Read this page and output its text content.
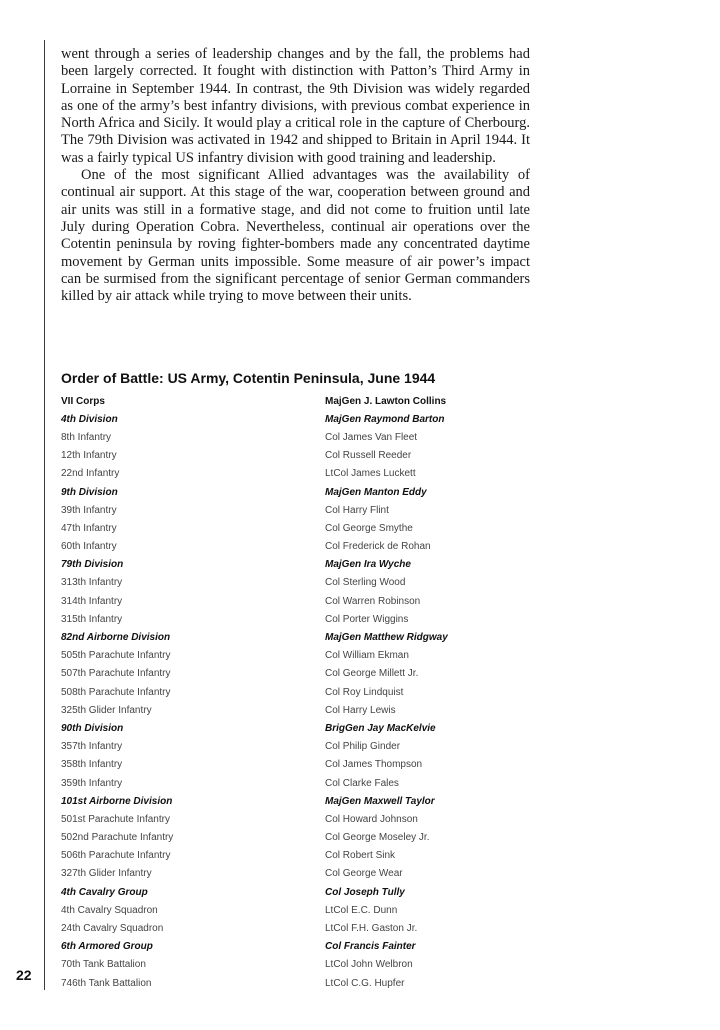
22

went through a series of leadership changes and by the fall, the problems had been largely corrected. It fought with distinction with Patton’s Third Army in Lorraine in September 1944. In contrast, the 9th Division was widely regarded as one of the army’s best infantry divisions, with previous combat experience in North Africa and Sicily. It would play a critical role in the capture of Cherbourg. The 79th Division was activated in 1942 and shipped to Britain in April 1944. It was a fairly typical US infantry division with good training and leadership.

One of the most significant Allied advantages was the availability of continual air support. At this stage of the war, cooperation between ground and air units was still in a formative stage, and did not come to fruition until late July during Operation Cobra. Nevertheless, continual air operations over the Cotentin peninsula by roving fighter-bombers made any concentrated daytime movement by German units impossible. Some measure of air power’s impact can be surmised from the significant percentage of senior German commanders killed by air attack while trying to move between their units.

Order of Battle: US Army, Cotentin Peninsula, June 1944
VII Corps	MajGen J. Lawton Collins
4th Division	MajGen Raymond Barton
8th Infantry	Col James Van Fleet
12th Infantry	Col Russell Reeder
22nd Infantry	LtCol James Luckett
9th Division	MajGen Manton Eddy
39th Infantry	Col Harry Flint
47th Infantry	Col George Smythe
60th Infantry	Col Frederick de Rohan
79th Division	MajGen Ira Wyche
313th Infantry	Col Sterling Wood
314th Infantry	Col Warren Robinson
315th Infantry	Col Porter Wiggins
82nd Airborne Division	MajGen Matthew Ridgway
505th Parachute Infantry	Col William Ekman
507th Parachute Infantry	Col George Millett Jr.
508th Parachute Infantry	Col Roy Lindquist
325th Glider Infantry	Col Harry Lewis
90th Division	BrigGen Jay MacKelvie
357th Infantry	Col Philip Ginder
358th Infantry	Col James Thompson
359th Infantry	Col Clarke Fales
101st Airborne Division	MajGen Maxwell Taylor
501st Parachute Infantry	Col Howard Johnson
502nd Parachute Infantry	Col George Moseley Jr.
506th Parachute Infantry	Col Robert Sink
327th Glider Infantry	Col George Wear
4th Cavalry Group	Col Joseph Tully
4th Cavalry Squadron	LtCol E.C. Dunn
24th Cavalry Squadron	LtCol F.H. Gaston Jr.
6th Armored Group	Col Francis Fainter
70th Tank Battalion	LtCol John Welbron
746th Tank Battalion	LtCol C.G. Hupfer
